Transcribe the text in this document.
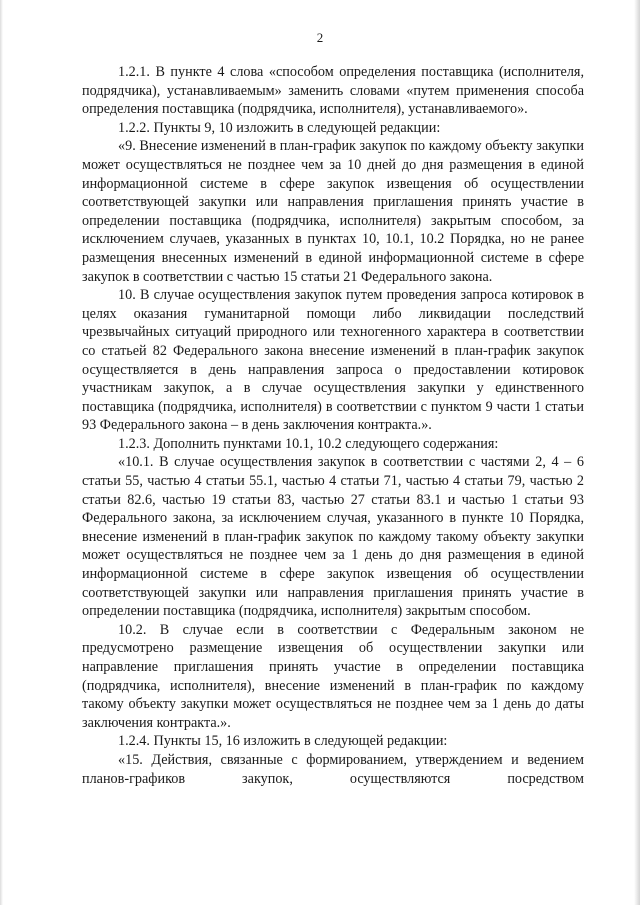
2

1.2.1. В пункте 4 слова «способом определения поставщика (исполнителя, подрядчика), устанавливаемым» заменить словами «путем применения способа определения поставщика (подрядчика, исполнителя), устанавливаемого».

1.2.2. Пункты 9, 10 изложить в следующей редакции:

«9. Внесение изменений в план-график закупок по каждому объекту закупки может осуществляться не позднее чем за 10 дней до дня размещения в единой информационной системе в сфере закупок извещения об осуществлении соответствующей закупки или направления приглашения принять участие в определении поставщика (подрядчика, исполнителя) закрытым способом, за исключением случаев, указанных в пунктах 10, 10.1, 10.2 Порядка, но не ранее размещения внесенных изменений в единой информационной системе в сфере закупок в соответствии с частью 15 статьи 21 Федерального закона.

10. В случае осуществления закупок путем проведения запроса котировок в целях оказания гуманитарной помощи либо ликвидации последствий чрезвычайных ситуаций природного или техногенного характера в соответствии со статьей 82 Федерального закона внесение изменений в план-график закупок осуществляется в день направления запроса о предоставлении котировок участникам закупок, а в случае осуществления закупки у единственного поставщика (подрядчика, исполнителя) в соответствии с пунктом 9 части 1 статьи 93 Федерального закона – в день заключения контракта.».

1.2.3. Дополнить пунктами 10.1, 10.2 следующего содержания:

«10.1. В случае осуществления закупок в соответствии с частями 2, 4 – 6 статьи 55, частью 4 статьи 55.1, частью 4 статьи 71, частью 4 статьи 79, частью 2 статьи 82.6, частью 19 статьи 83, частью 27 статьи 83.1 и частью 1 статьи 93 Федерального закона, за исключением случая, указанного в пункте 10 Порядка, внесение изменений в план-график закупок по каждому такому объекту закупки может осуществляться не позднее чем за 1 день до дня размещения в единой информационной системе в сфере закупок извещения об осуществлении соответствующей закупки или направления приглашения принять участие в определении поставщика (подрядчика, исполнителя) закрытым способом.

10.2. В случае если в соответствии с Федеральным законом не предусмотрено размещение извещения об осуществлении закупки или направление приглашения принять участие в определении поставщика (подрядчика, исполнителя), внесение изменений в план-график по каждому такому объекту закупки может осуществляться не позднее чем за 1 день до даты заключения контракта.».

1.2.4. Пункты 15, 16 изложить в следующей редакции:

«15. Действия, связанные с формированием, утверждением и ведением планов-графиков закупок, осуществляются посредством
